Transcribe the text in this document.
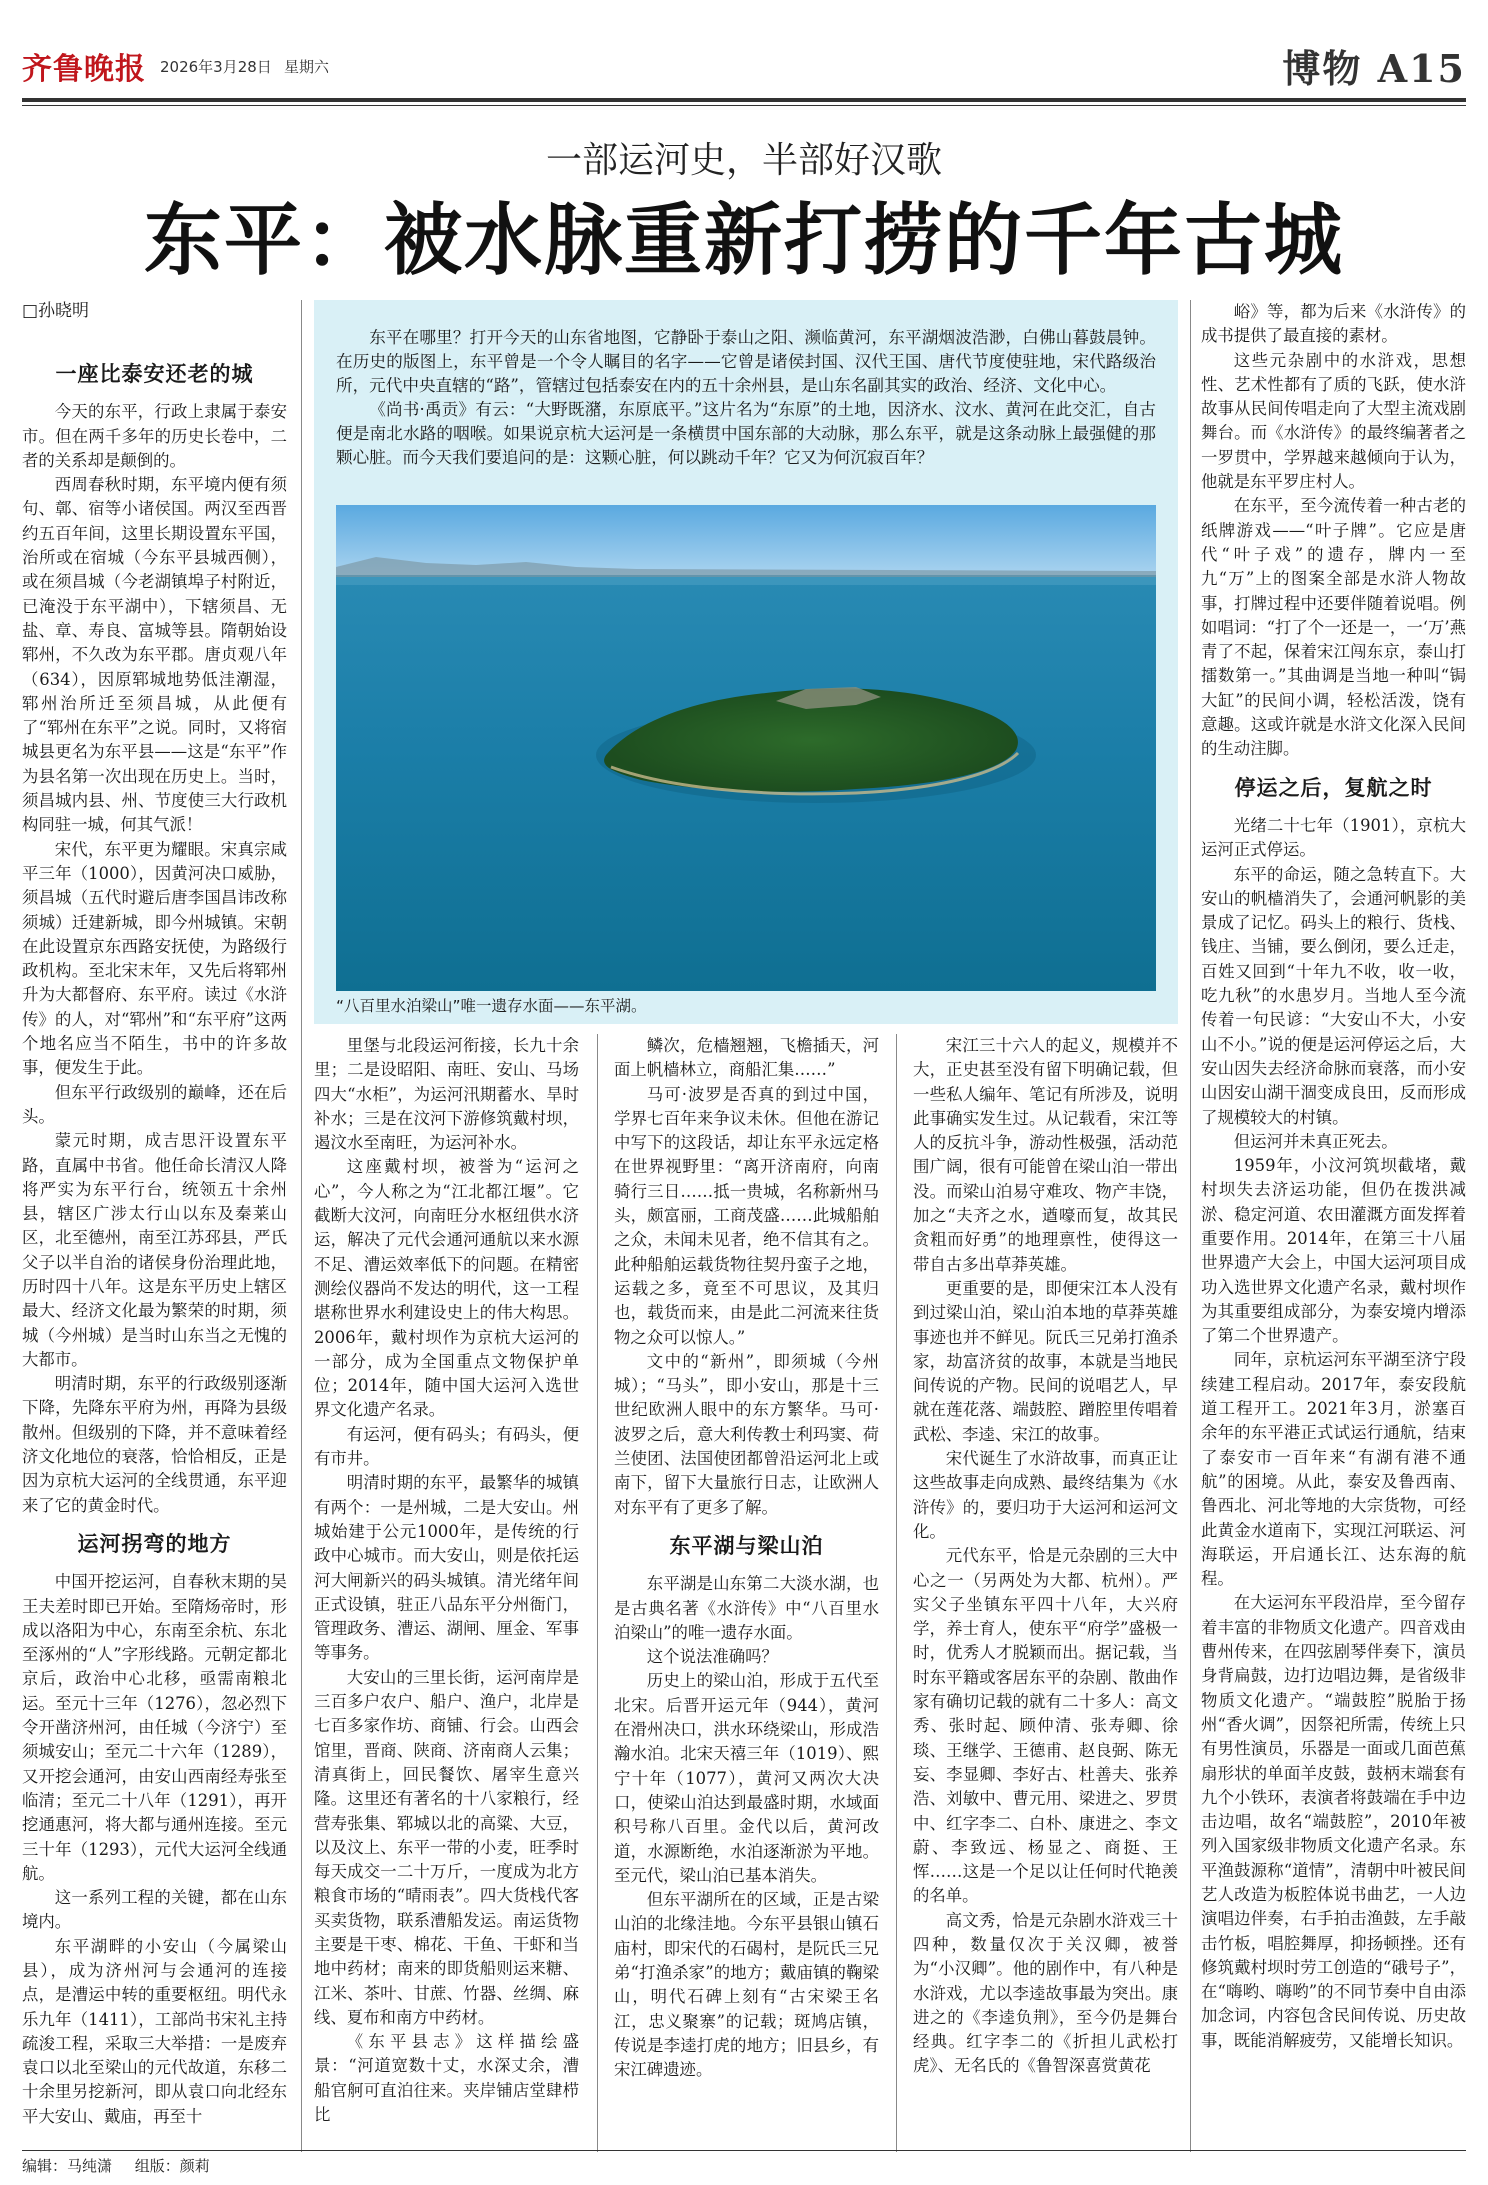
齐鲁晚报 2026年3月28日 星期六	博物 A15
一部运河史，半部好汉歌
东平：被水脉重新打捞的千年古城
□孙晓明

东平在哪里？打开今天的山东省地图，它静卧于泰山之阳、濒临黄河，东平湖烟波浩渺，白佛山暮鼓晨钟。在历史的版图上，东平曾是一个令人瞩目的名字——它曾是诸侯封国、汉代王国、唐代节度使驻地，宋代路级治所，元代中央直辖的“路”，管辖过包括泰安在内的五十余州县，是山东名副其实的政治、经济、文化中心。

《尚书·禹贡》有云：“大野既潴，东原底平。”这片名为“东原”的土地，因济水、汶水、黄河在此交汇，自古便是南北水路的咽喉。如果说京杭大运河是一条横贯中国东部的大动脉，那么东平，就是这条动脉上最强健的那颗心脏。而今天我们要追问的是：这颗心脏，何以跳动千年？它又为何沉寂百年？

“八百里水泊梁山”唯一遗存水面——东平湖。
一座比泰安还老的城

今天的东平，行政上隶属于泰安市。但在两千多年的历史长卷中，二者的关系却是颠倒的。

西周春秋时期，东平境内便有须句、鄣、宿等小诸侯国。两汉至西晋约五百年间，这里长期设置东平国，治所或在宿城（今东平县城西侧），或在须昌城（今老湖镇埠子村附近，已淹没于东平湖中），下辖须昌、无盐、章、寿良、富城等县。隋朝始设郓州，不久改为东平郡。唐贞观八年（634），因原郓城地势低洼潮湿，郓州治所迁至须昌城，从此便有了“郓州在东平”之说。同时，又将宿城县更名为东平县——这是“东平”作为县名第一次出现在历史上。当时，须昌城内县、州、节度使三大行政机构同驻一城，何其气派！

宋代，东平更为耀眼。宋真宗咸平三年（1000），因黄河决口威胁，须昌城（五代时避后唐李国昌讳改称须城）迁建新城，即今州城镇。宋朝在此设置京东西路安抚使，为路级行政机构。至北宋末年，又先后将郓州升为大都督府、东平府。读过《水浒传》的人，对“郓州”和“东平府”这两个地名应当不陌生，书中的许多故事，便发生于此。

但东平行政级别的巅峰，还在后头。

蒙元时期，成吉思汗设置东平路，直属中书省。他任命长清汉人降将严实为东平行台，统领五十余州县，辖区广涉太行山以东及秦莱山区，北至德州，南至江苏邳县，严氏父子以半自治的诸侯身份治理此地，历时四十八年。这是东平历史上辖区最大、经济文化最为繁荣的时期，须城（今州城）是当时山东当之无愧的大都市。

明清时期，东平的行政级别逐渐下降，先降东平府为州，再降为县级散州。但级别的下降，并不意味着经济文化地位的衰落，恰恰相反，正是因为京杭大运河的全线贯通，东平迎来了它的黄金时代。

运河拐弯的地方

中国开挖运河，自春秋末期的吴王夫差时即已开始。至隋炀帝时，形成以洛阳为中心，东南至余杭、东北至涿州的“人”字形线路。元朝定都北京后，政治中心北移，亟需南粮北运。至元十三年（1276），忽必烈下令开凿济州河，由任城（今济宁）至须城安山；至元二十六年（1289），又开挖会通河，由安山西南经寿张至临清；至元二十八年（1291），再开挖通惠河，将大都与通州连接。至元三十年（1293），元代大运河全线通航。

这一系列工程的关键，都在山东境内。

东平湖畔的小安山（今属梁山县），成为济州河与会通河的连接点，是漕运中转的重要枢纽。明代永乐九年（1411），工部尚书宋礼主持疏浚工程，采取三大举措：一是废弃袁口以北至梁山的元代故道，东移二十余里另挖新河，即从袁口向北经东平大安山、戴庙，再至十

里堡与北段运河衔接，长九十余里；二是设昭阳、南旺、安山、马场四大“水柜”，为运河汛期蓄水、旱时补水；三是在汶河下游修筑戴村坝，遏汶水至南旺，为运河补水。

这座戴村坝，被誉为“运河之心”，今人称之为“江北都江堰”。它截断大汶河，向南旺分水枢纽供水济运，解决了元代会通河通航以来水源不足、漕运效率低下的问题。在精密测绘仪器尚不发达的明代，这一工程堪称世界水利建设史上的伟大构思。2006年，戴村坝作为京杭大运河的一部分，成为全国重点文物保护单位；2014年，随中国大运河入选世界文化遗产名录。

有运河，便有码头；有码头，便有市井。

明清时期的东平，最繁华的城镇有两个：一是州城，二是大安山。州城始建于公元1000年，是传统的行政中心城市。而大安山，则是依托运河大闸新兴的码头城镇。清光绪年间正式设镇，驻正八品东平分州衙门，管理政务、漕运、湖闸、厘金、军事等事务。

大安山的三里长街，运河南岸是三百多户农户、船户、渔户，北岸是七百多家作坊、商铺、行会。山西会馆里，晋商、陕商、济南商人云集；清真街上，回民餐饮、屠宰生意兴隆。这里还有著名的十八家粮行，经营寿张集、郓城以北的高粱、大豆，以及汶上、东平一带的小麦，旺季时每天成交一二十万斤，一度成为北方粮食市场的“晴雨表”。四大货栈代客买卖货物，联系漕船发运。南运货物主要是干枣、棉花、干鱼、干虾和当地中药材；南来的即货船则运来糖、江米、茶叶、甘蔗、竹器、丝绸、麻线、夏布和南方中药材。

《东平县志》这样描绘盛景：“河道宽数十丈，水深丈余，漕船官舸可直泊往来。夹岸铺店堂肆栉比

鳞次，危樯翘翘，飞檐插天，河面上帆樯林立，商船汇集……”

马可·波罗是否真的到过中国，学界七百年来争议未休。但他在游记中写下的这段话，却让东平永远定格在世界视野里：“离开济南府，向南骑行三日……抵一贵城，名称新州马头，颇富丽，工商茂盛……此城船舶之众，未闻未见者，绝不信其有之。此种船舶运载货物往契丹蛮子之地，运载之多，竟至不可思议，及其归也，载货而来，由是此二河流来往货物之众可以惊人。”

文中的“新州”，即须城（今州城）；“马头”，即小安山，那是十三世纪欧洲人眼中的东方繁华。马可·波罗之后，意大利传教士利玛窦、荷兰使团、法国使团都曾沿运河北上或南下，留下大量旅行日志，让欧洲人对东平有了更多了解。

东平湖与梁山泊

东平湖是山东第二大淡水湖，也是古典名著《水浒传》中“八百里水泊梁山”的唯一遗存水面。

这个说法准确吗？

历史上的梁山泊，形成于五代至北宋。后晋开运元年（944），黄河在滑州决口，洪水环绕梁山，形成浩瀚水泊。北宋天禧三年（1019）、熙宁十年（1077），黄河又两次大决口，使梁山泊达到最盛时期，水域面积号称八百里。金代以后，黄河改道，水源断绝，水泊逐渐淤为平地。至元代，梁山泊已基本消失。

但东平湖所在的区域，正是古梁山泊的北缘洼地。今东平县银山镇石庙村，即宋代的石碣村，是阮氏三兄弟“打渔杀家”的地方；戴庙镇的鞠梁山，明代石碑上刻有“古宋梁王名江，忠义聚寨”的记载；斑鸠店镇，传说是李逵打虎的地方；旧县乡，有宋江碑遗迹。

宋江三十六人的起义，规模并不大，正史甚至没有留下明确记载，但一些私人编年、笔记有所涉及，说明此事确实发生过。从记载看，宋江等人的反抗斗争，游动性极强，活动范围广阔，很有可能曾在梁山泊一带出没。而梁山泊易守难攻、物产丰饶，加之“夫齐之水，遒嚎而复，故其民贪粗而好勇”的地理禀性，使得这一带自古多出草莽英雄。

更重要的是，即便宋江本人没有到过梁山泊，梁山泊本地的草莽英雄事迹也并不鲜见。阮氏三兄弟打渔杀家，劫富济贫的故事，本就是当地民间传说的产物。民间的说唱艺人，早就在莲花落、端鼓腔、蹭腔里传唱着武松、李逵、宋江的故事。

宋代诞生了水浒故事，而真正让这些故事走向成熟、最终结集为《水浒传》的，要归功于大运河和运河文化。

元代东平，恰是元杂剧的三大中心之一（另两处为大都、杭州）。严实父子坐镇东平四十八年，大兴府学，养士育人，使东平“府学”盛极一时，优秀人才脱颖而出。据记载，当时东平籍或客居东平的杂剧、散曲作家有确切记载的就有二十多人：高文秀、张时起、顾仲清、张寿卿、徐琰、王继学、王德甫、赵良弼、陈无妄、李显卿、李好古、杜善夫、张养浩、刘敏中、曹元用、梁进之、罗贯中、红字李二、白朴、康进之、李文蔚、李致远、杨显之、商挺、王恽……这是一个足以让任何时代艳羡的名单。

高文秀，恰是元杂剧水浒戏三十四种，数量仅次于关汉卿，被誉为“小汉卿”。他的剧作中，有八种是水浒戏，尤以李逵故事最为突出。康进之的《李逵负荆》，至今仍是舞台经典。红字李二的《折担儿武松打虎》、无名氏的《鲁智深喜赏黄花

峪》等，都为后来《水浒传》的成书提供了最直接的素材。

这些元杂剧中的水浒戏，思想性、艺术性都有了质的飞跃，使水浒故事从民间传唱走向了大型主流戏剧舞台。而《水浒传》的最终编著者之一罗贯中，学界越来越倾向于认为，他就是东平罗庄村人。

在东平，至今流传着一种古老的纸牌游戏——“叶子牌”。它应是唐代“叶子戏”的遗存，牌内一至九“万”上的图案全部是水浒人物故事，打牌过程中还要伴随着说唱。例如唱词：“打了个一还是一，一‘万’燕青了不起，保着宋江闯东京，泰山打擂数第一。”其曲调是当地一种叫“锔大缸”的民间小调，轻松活泼，饶有意趣。这或许就是水浒文化深入民间的生动注脚。

停运之后，复航之时

光绪二十七年（1901），京杭大运河正式停运。

东平的命运，随之急转直下。大安山的帆樯消失了，会通河帆影的美景成了记忆。码头上的粮行、货栈、钱庄、当铺，要么倒闭，要么迁走，百姓又回到“十年九不收，收一收，吃九秋”的水患岁月。当地人至今流传着一句民谚：“大安山不大，小安山不小。”说的便是运河停运之后，大安山因失去经济命脉而衰落，而小安山因安山湖干涸变成良田，反而形成了规模较大的村镇。

但运河并未真正死去。

1959年，小汶河筑坝截堵，戴村坝失去济运功能，但仍在拨洪减淤、稳定河道、农田灌溉方面发挥着重要作用。2014年，在第三十八届世界遗产大会上，中国大运河项目成功入选世界文化遗产名录，戴村坝作为其重要组成部分，为泰安境内增添了第二个世界遗产。

同年，京杭运河东平湖至济宁段续建工程启动。2017年，泰安段航道工程开工。2021年3月，淤塞百余年的东平港正式试运行通航，结束了泰安市一百年来“有湖有港不通航”的困境。从此，泰安及鲁西南、鲁西北、河北等地的大宗货物，可经此黄金水道南下，实现江河联运、河海联运，开启通长江、达东海的航程。

在大运河东平段沿岸，至今留存着丰富的非物质文化遗产。四音戏由曹州传来，在四弦剧琴伴奏下，演员身背扁鼓，边打边唱边舞，是省级非物质文化遗产。“端鼓腔”脱胎于扬州“香火调”，因祭祀所需，传统上只有男性演员，乐器是一面或几面芭蕉扇形状的单面羊皮鼓，鼓柄末端套有九个小铁环，表演者将鼓端在手中边击边唱，故名“端鼓腔”，2010年被列入国家级非物质文化遗产名录。东平渔鼓源称“道情”，清朝中叶被民间艺人改造为板腔体说书曲艺，一人边演唱边伴奏，右手拍击渔鼓，左手敲击竹板，唱腔舞厚，抑扬顿挫。还有修筑戴村坝时劳工创造的“硪号子”，在“嗨哟、嗨哟”的不同节奏中自由添加念词，内容包含民间传说、历史故事，既能消解疲劳，又能增长知识。

编辑：马纯潇 组版：颜莉
